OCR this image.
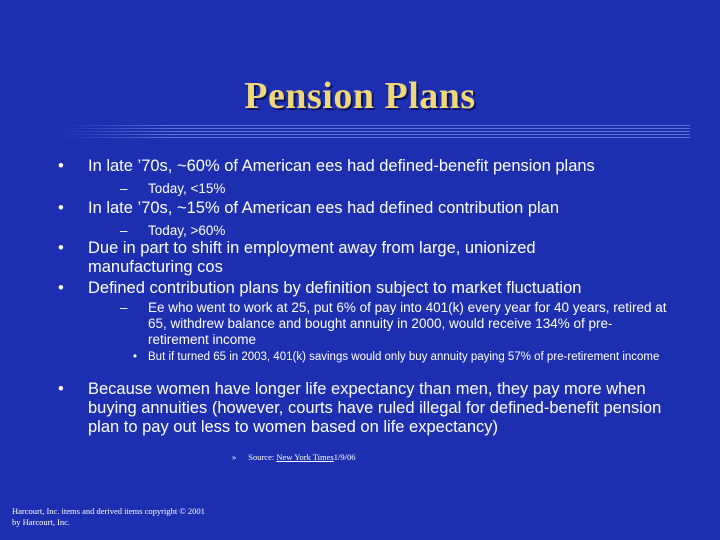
Pension Plans
• In late ’70s, ~60% of American ees had defined-benefit pension plans
– Today, <15%
• In late ’70s, ~15% of American ees had defined contribution plan
– Today, >60%
• Due in part to shift in employment away from large, unionized manufacturing cos
• Defined contribution plans by definition subject to market fluctuation
– Ee who went to work at 25, put 6% of pay into 401(k) every year for 40 years, retired at 65, withdrew balance and bought annuity in 2000, would receive 134% of pre-retirement income
• But if turned 65 in 2003, 401(k) savings would only buy annuity paying 57% of pre-retirement income
• Because women have longer life expectancy than men, they pay more when buying annuities (however, courts have ruled illegal for defined-benefit pension plan to pay out less to women based on life expectancy)
» Source: New York Times1/9/06
Harcourt, Inc. items and derived items copyright © 2001 by Harcourt, Inc.
